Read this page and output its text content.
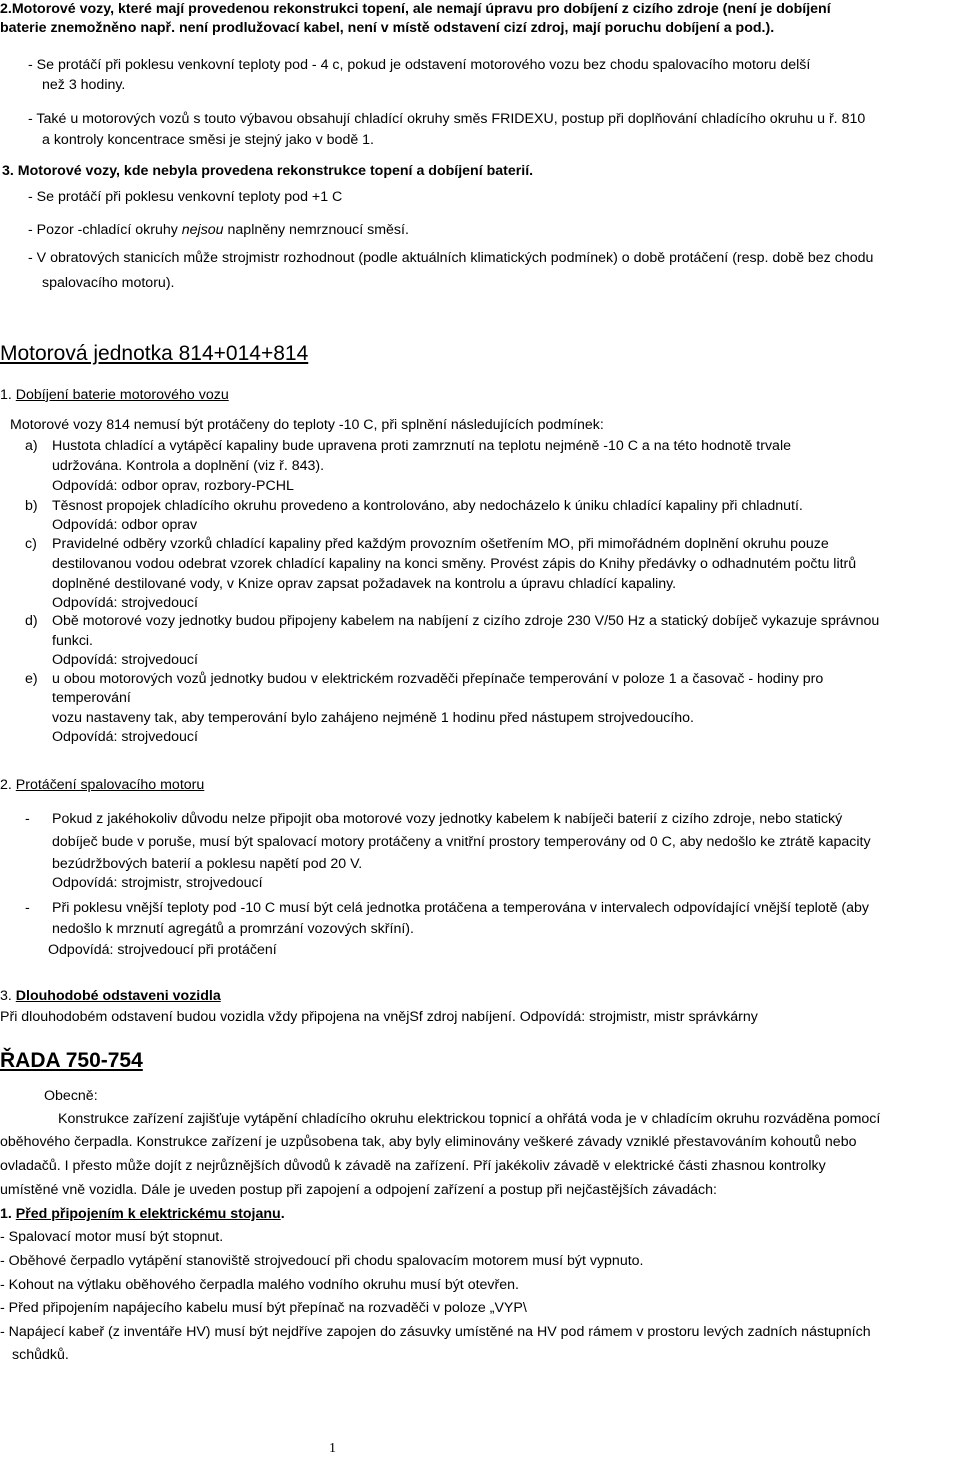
2.Motorové vozy, které mají provedenou rekonstrukci topení, ale nemají úpravu pro dobíjení z cizího zdroje (není je dobíjení
baterie znemožněno např. není prodlužovací kabel, není v místě odstavení cizí zdroj, mají poruchu dobíjení a pod.).
- Se protáčí při poklesu venkovní teploty pod - 4 c, pokud je odstavení motorového vozu bez chodu spalovacího motoru delší
než 3 hodiny.
- Také u motorových vozů s touto výbavou obsahují chladící okruhy směs FRIDEXU, postup při doplňování chladícího okruhu u ř. 810
a kontroly koncentrace směsi je stejný jako v bodě 1.
3. Motorové vozy, kde nebyla provedena rekonstrukce topení a dobíjení baterií.
- Se protáčí při poklesu venkovní teploty pod +1 C
- Pozor -chladící okruhy nejsou naplněny nemrznoucí směsí.
- V obratových stanicích může strojmistr rozhodnout (podle aktuálních klimatických podmínek) o době protáčení (resp. době bez chodu
spalovacího motoru).
Motorová jednotka 814+014+814
1. Dobíjení baterie motorového vozu
Motorové vozy 814 nemusí být protáčeny do teploty -10 C, při splnění následujících podmínek:
a) Hustota chladící a vytápěcí kapaliny bude upravena proti zamrznutí na teplotu nejméně -10 C a na této hodnotě trvale
udržována. Kontrola a doplnění (viz ř. 843).
Odpovídá: odbor oprav, rozbory-PCHL
b) Těsnost propojek chladícího okruhu provedeno a kontrolováno, aby nedocházelo k úniku chladící kapaliny při chladnutí.
Odpovídá: odbor oprav
c) Pravidelné odběry vzorků chladící kapaliny před každým provozním ošetřením MO, při mimořádném doplnění okruhu pouze
destilovanou vodou odebrat vzorek chladící kapaliny na konci směny. Provést zápis do Knihy předávky o odhadnutém počtu litrů
doplněné destilované vody, v Knize oprav zapsat požadavek na kontrolu a úpravu chladící kapaliny.
Odpovídá: strojvedoucí
d) Obě motorové vozy jednotky budou připojeny kabelem na nabíjení z cizího zdroje 230 V/50 Hz a statický dobíječ vykazuje správnou
funkci.
Odpovídá: strojvedoucí
e) u obou motorových vozů jednotky budou v elektrickém rozvaděči přepínače temperování v poloze 1 a časovač - hodiny pro
temperování
vozu nastaveny tak, aby temperování bylo zahájeno nejméně 1 hodinu před nástupem strojvedoucího.
Odpovídá: strojvedoucí
2. Protáčení spalovacího motoru
- Pokud z jakéhokoliv důvodu nelze připojit oba motorové vozy jednotky kabelem k nabíječi baterií z cizího zdroje, nebo statický
dobíječ bude v poruše, musí být spalovací motory protáčeny a vnitřní prostory temperovány od 0 C, aby nedošlo ke ztrátě kapacity
bezúdržbových baterií a poklesu napětí pod 20 V.
Odpovídá: strojmistr, strojvedoucí
- Při poklesu vnější teploty pod -10 C musí být celá jednotka protáčena a temperována v intervalech odpovídající vnější teplotě (aby
nedošlo k mrznutí agregátů a promrzání vozových skříní).
Odpovídá: strojvedoucí při protáčení
3. Dlouhodobé odstaveni vozidla
Při dlouhodobém odstavení budou vozidla vždy připojena na vnějSf zdroj nabíjení. Odpovídá: strojmistr, mistr správkárny
ŘADA 750-754
Obecně:
Konstrukce zařízení zajišťuje vytápění chladícího okruhu elektrickou topnicí a ohřátá voda je v chladícím okruhu rozváděna pomocí
oběhového čerpadla. Konstrukce zařízení je uzpůsobena tak, aby byly eliminovány veškeré závady vzniklé přestavováním kohoutů nebo
ovladačů. I přesto může dojít z nejrůznějších důvodů k závadě na zařízení. Pří jakékoliv závadě v elektrické části zhasnou kontrolky
umístěné vně vozidla. Dále je uveden postup při zapojení a odpojení zařízení a postup při nejčastějších závadách:
1. Před připojením k elektrickému stojanu.
- Spalovací motor musí být stopnut.
- Oběhové čerpadlo vytápění stanoviště strojvedoucí při chodu spalovacím motorem musí být vypnuto.
- Kohout na výtlaku oběhového čerpadla malého vodního okruhu musí být otevřen.
- Před připojením napájecího kabelu musí být přepínač na rozvaděči v poloze „VYP\
- Napájecí kabeř (z inventáře HV) musí být nejdříve zapojen do zásuvky umístěné na HV pod rámem v prostoru levých zadních nástupních
schůdků.
1
